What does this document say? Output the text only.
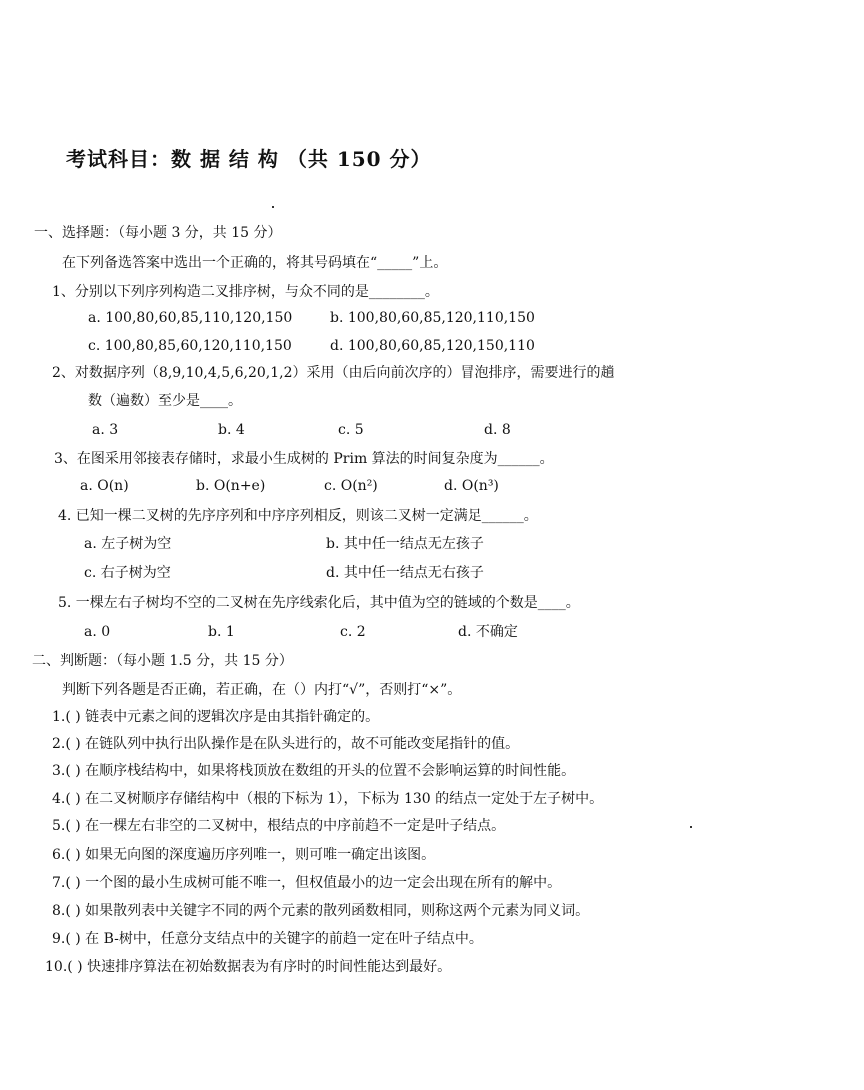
考试科目：数 据 结 构 （共 150 分）
一、选择题：（每小题 3 分，共 15 分）
在下列备选答案中选出一个正确的，将其号码填在“_____”上。
1、分别以下列序列构造二叉排序树，与众不同的是________。
a. 100,80,60,85,110,120,150	b. 100,80,60,85,120,110,150
c. 100,80,85,60,120,110,150	d. 100,80,60,85,120,150,110
2、对数据序列（8,9,10,4,5,6,20,1,2）采用（由后向前次序的）冒泡排序，需要进行的趟
数（遍数）至少是____。
a. 3	b. 4	c. 5	d. 8
3、在图采用邻接表存储时，求最小生成树的 Prim 算法的时间复杂度为______。
a. O(n)	b. O(n+e)	c. O(n²)	d. O(n³)
4. 已知一棵二叉树的先序序列和中序序列相反，则该二叉树一定满足______。
a. 左子树为空	b. 其中任一结点无左孩子
c. 右子树为空	d. 其中任一结点无右孩子
5. 一棵左右子树均不空的二叉树在先序线索化后，其中值为空的链域的个数是____。
a. 0	b. 1	c. 2	d. 不确定
二、判断题：（每小题 1.5 分，共 15 分）
判断下列各题是否正确，若正确，在（）内打“√”，否则打“×”。
1.( ) 链表中元素之间的逻辑次序是由其指针确定的。
2.( ) 在链队列中执行出队操作是在队头进行的，故不可能改变尾指针的值。
3.( ) 在顺序栈结构中，如果将栈顶放在数组的开头的位置不会影响运算的时间性能。
4.( ) 在二叉树顺序存储结构中（根的下标为 1），下标为 130 的结点一定处于左子树中。
5.( ) 在一棵左右非空的二叉树中，根结点的中序前趋不一定是叶子结点。
6.( ) 如果无向图的深度遍历序列唯一，则可唯一确定出该图。
7.( ) 一个图的最小生成树可能不唯一，但权值最小的边一定会出现在所有的解中。
8.( ) 如果散列表中关键字不同的两个元素的散列函数相同，则称这两个元素为同义词。
9.( ) 在 B-树中，任意分支结点中的关键字的前趋一定在叶子结点中。
10.( ) 快速排序算法在初始数据表为有序时的时间性能达到最好。
